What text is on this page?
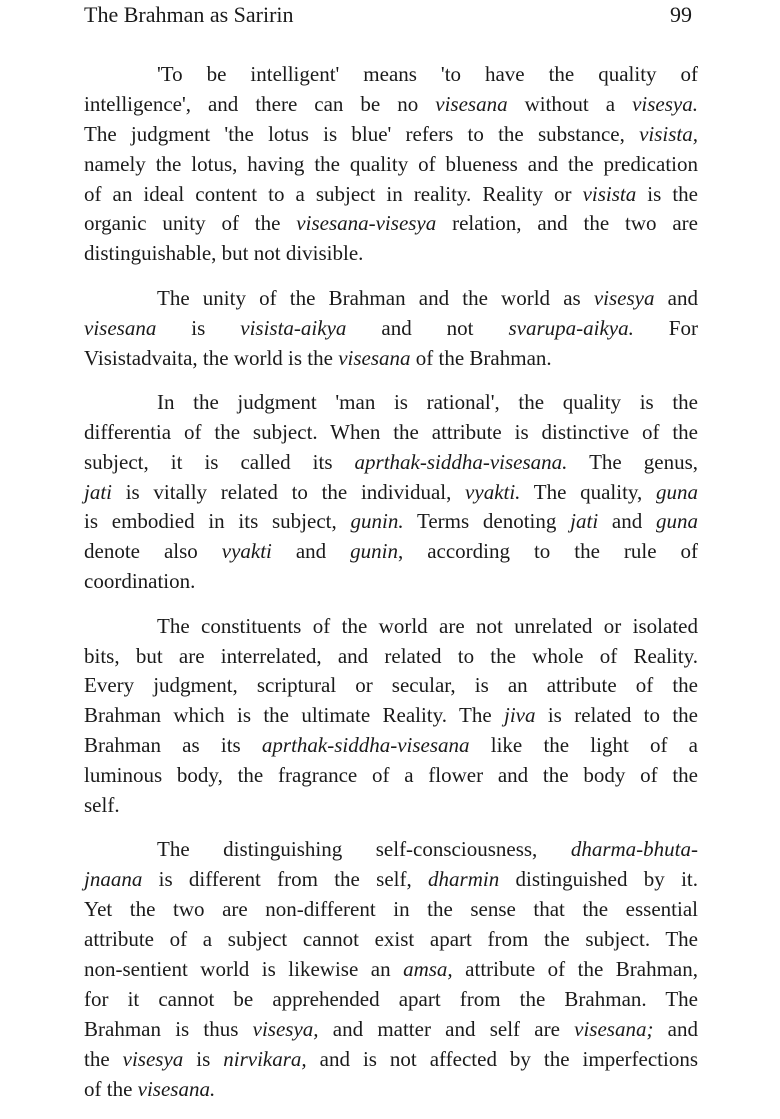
The Brahman as Saririn	99
'To be intelligent' means 'to have the quality of
intelligence', and there can be no visesana without a visesya.
The judgment 'the lotus is blue' refers to the substance, visista,
namely the lotus, having the quality of blueness and the predication
of an ideal content to a subject in reality. Reality or visista is the
organic unity of the visesana-visesya relation, and the two are
distinguishable, but not divisible.
The unity of the Brahman and the world as visesya and
visesana is visista-aikya and not svarupa-aikya. For
Visistadvaita, the world is the visesana of the Brahman.
In the judgment 'man is rational', the quality is the
differentia of the subject. When the attribute is distinctive of the
subject, it is called its aprthak-siddha-visesana. The genus,
jati is vitally related to the individual, vyakti. The quality, guna
is embodied in its subject, gunin. Terms denoting jati and guna
denote also vyakti and gunin, according to the rule of
coordination.
The constituents of the world are not unrelated or isolated
bits, but are interrelated, and related to the whole of Reality.
Every judgment, scriptural or secular, is an attribute of the
Brahman which is the ultimate Reality. The jiva is related to the
Brahman as its aprthak-siddha-visesana like the light of a
luminous body, the fragrance of a flower and the body of the
self.
The distinguishing self-consciousness, dharma-bhuta-
jnaana is different from the self, dharmin distinguished by it.
Yet the two are non-different in the sense that the essential
attribute of a subject cannot exist apart from the subject. The
non-sentient world is likewise an amsa, attribute of the Brahman,
for it cannot be apprehended apart from the Brahman. The
Brahman is thus visesya, and matter and self are visesana; and
the visesya is nirvikara, and is not affected by the imperfections
of the visesana.
